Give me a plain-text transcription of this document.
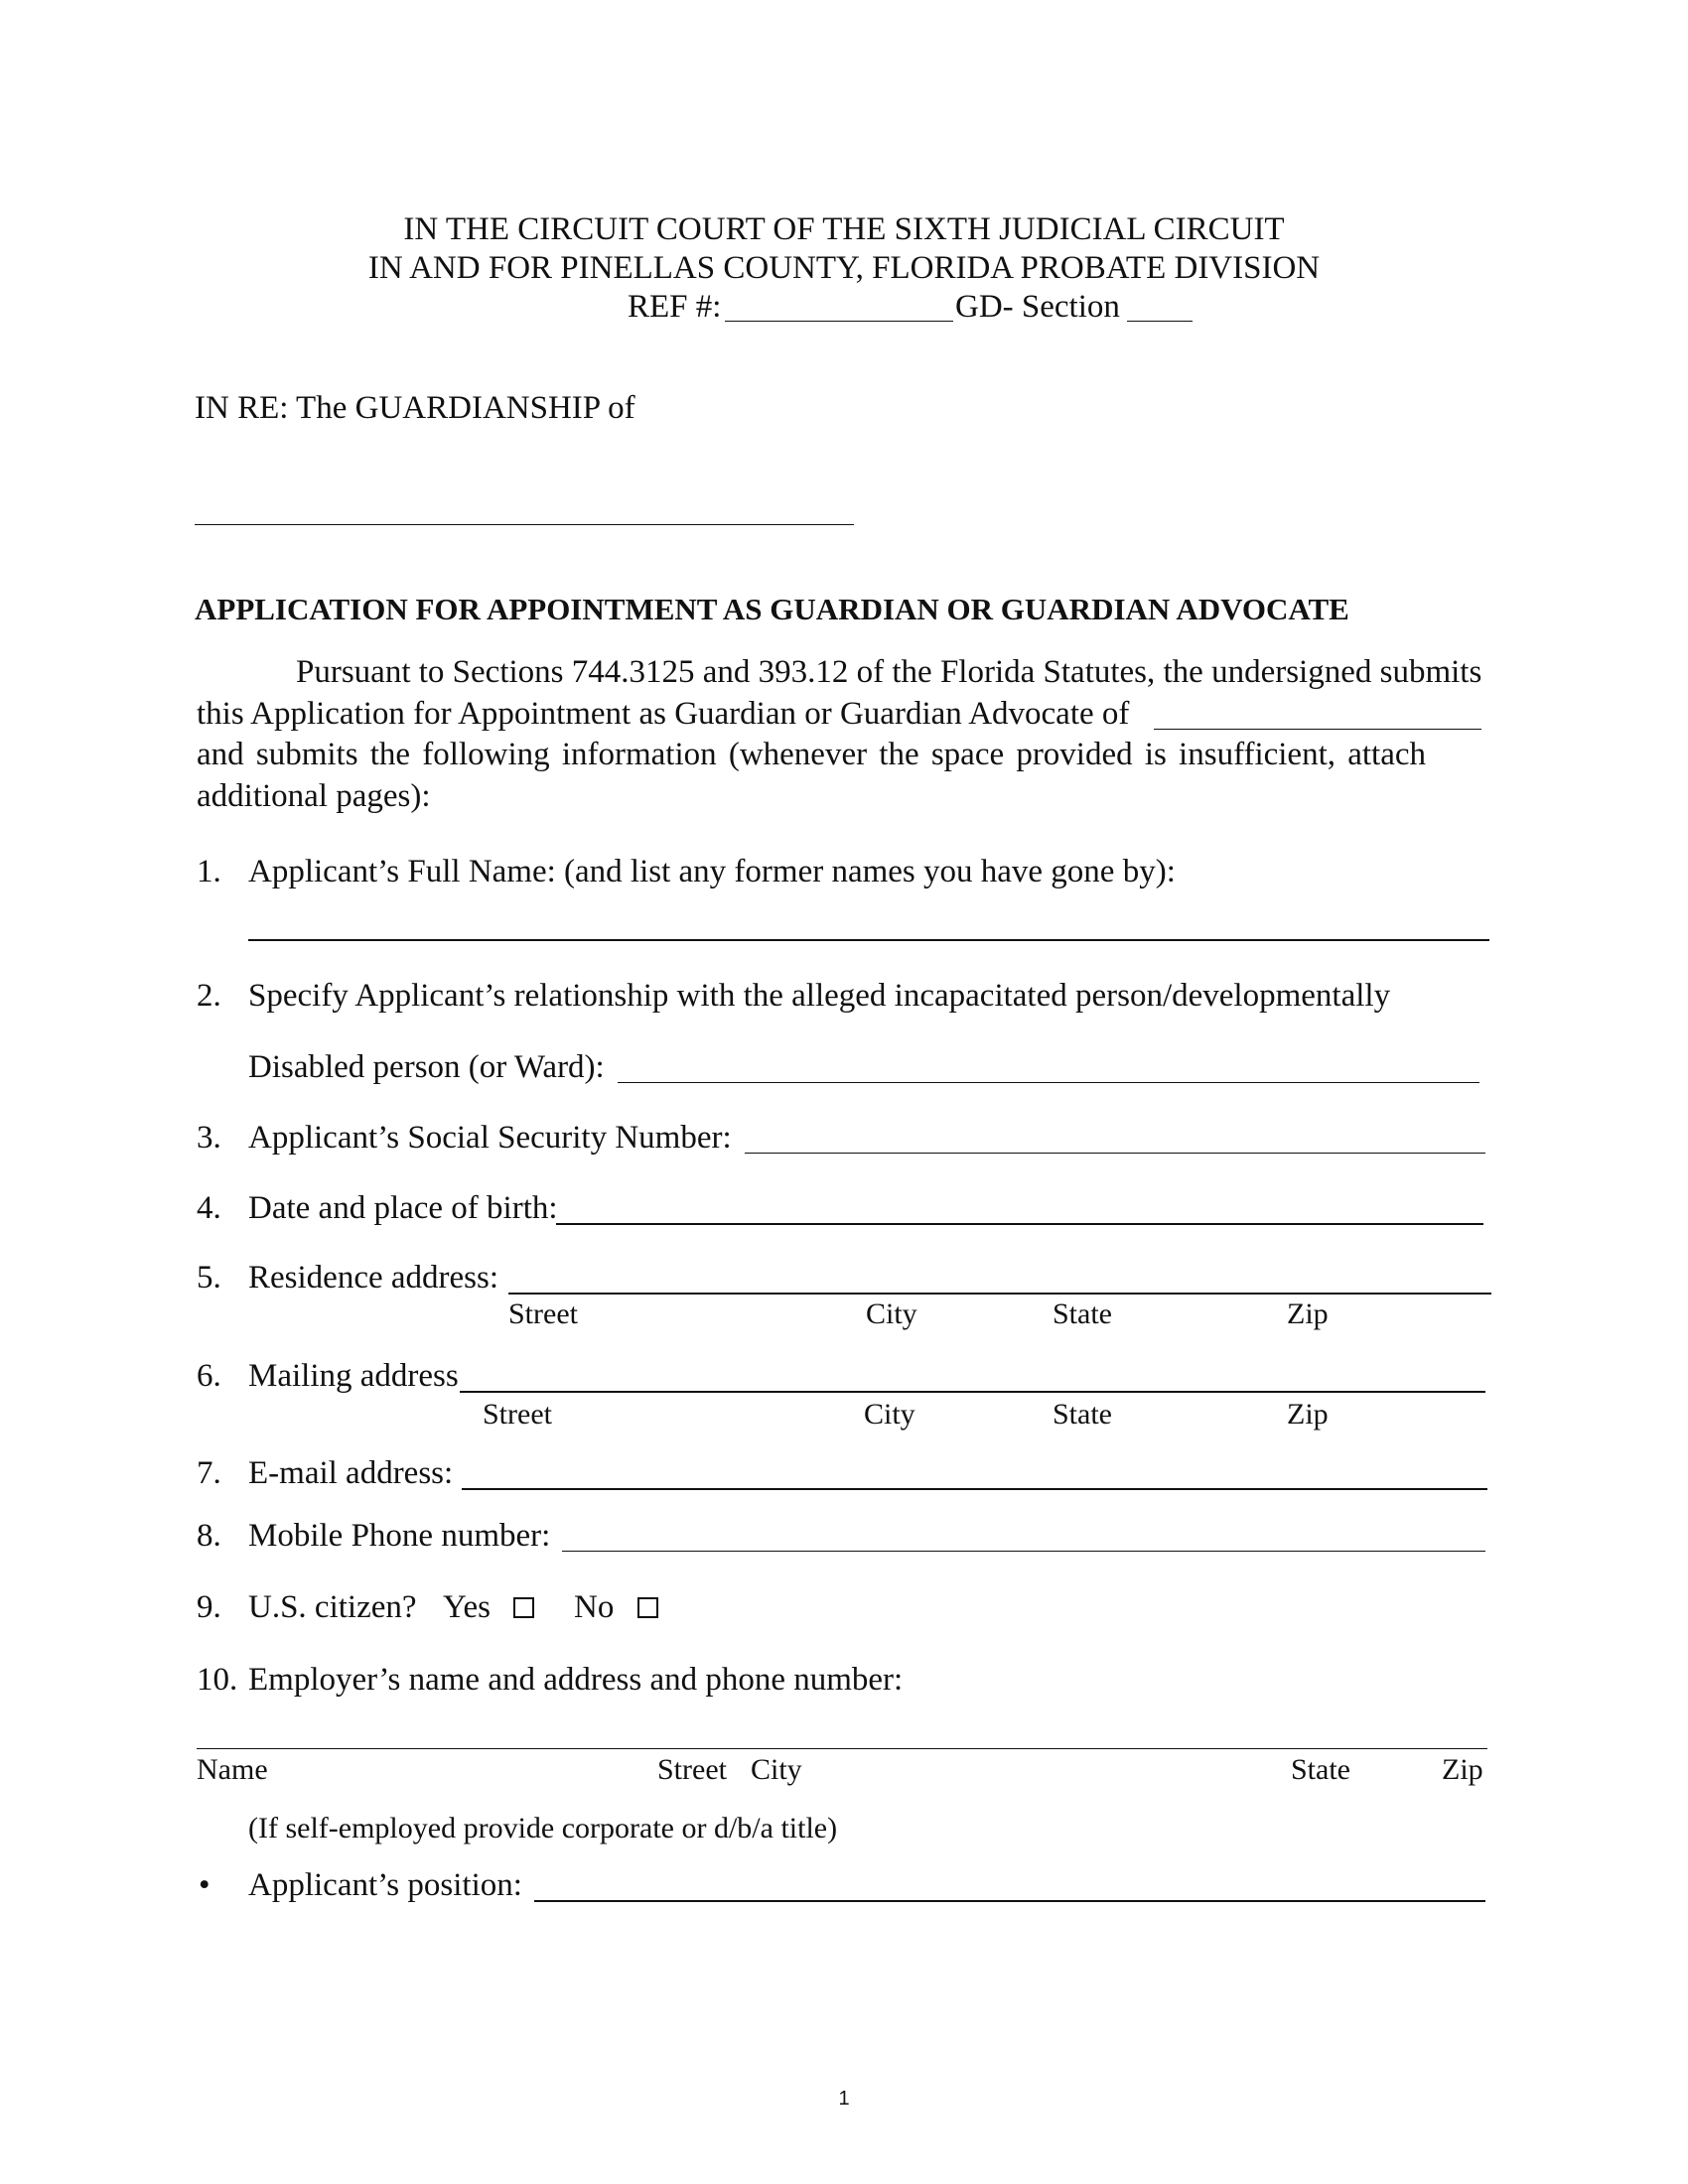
IN THE CIRCUIT COURT OF THE SIXTH JUDICIAL CIRCUIT
IN AND FOR PINELLAS COUNTY, FLORIDA PROBATE DIVISION
REF #:	GD- Section
IN RE: The GUARDIANSHIP of
APPLICATION FOR APPOINTMENT AS GUARDIAN OR GUARDIAN ADVOCATE
Pursuant to Sections 744.3125 and 393.12 of the Florida Statutes, the undersigned submits
this Application for Appointment as Guardian or Guardian Advocate of
and submits the following information (whenever the space provided is insufficient, attach
additional pages):
1. Applicant’s Full Name: (and list any former names you have gone by):
2. Specify Applicant’s relationship with the alleged incapacitated person/developmentally
Disabled person (or Ward):
3. Applicant’s Social Security Number:
4. Date and place of birth:
5. Residence address:
Street	City	State	Zip
6. Mailing address
Street	City	State	Zip
7. E-mail address:
8. Mobile Phone number:
9. U.S. citizen? Yes	No
10. Employer’s name and address and phone number:
Name	Street City	State	Zip
(If self-employed provide corporate or d/b/a title)
• Applicant’s position:
1
